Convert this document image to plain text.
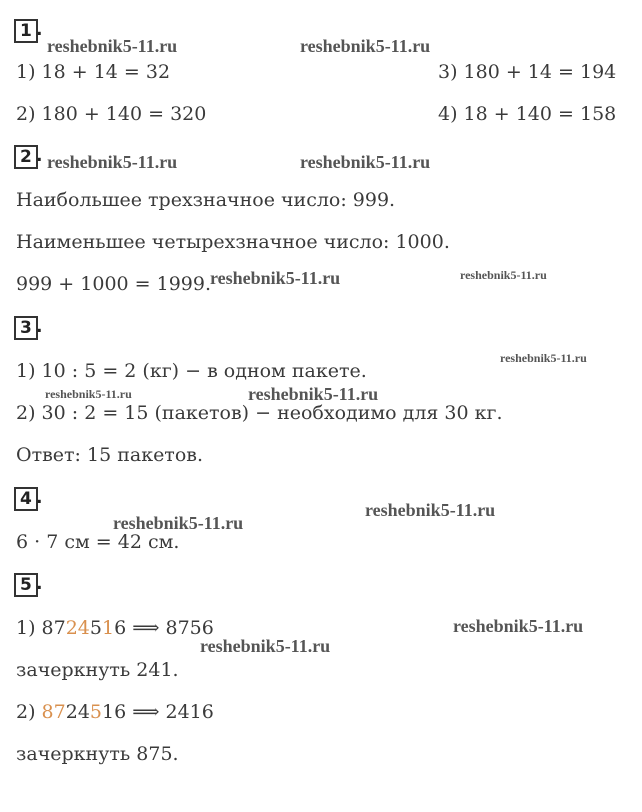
1 .
reshebnik5-11.ru	reshebnik5-11.ru
1) 18 + 14 = 32	3) 180 + 14 = 194
2) 180 + 140 = 320	4) 18 + 140 = 158
2 . reshebnik5-11.ru	reshebnik5-11.ru
Наибольшее трехзначное число: 999.
Наименьшее четырехзначное число: 1000.
999 + 1000 = 1999.
reshebnik5-11.ru	reshebnik5-11.ru
3 .
reshebnik5-11.ru
1) 10 : 5 = 2 (кг) − в одном пакете.
reshebnik5-11.ru	reshebnik5-11.ru
2) 30 : 2 = 15 (пакетов) − необходимо для 30 кг.
Ответ: 15 пакетов.
4 .
reshebnik5-11.ru
reshebnik5-11.ru
6 · 7 см = 42 см.
5 .
1) 8724516 ⟹ 8756	reshebnik5-11.ru
reshebnik5-11.ru
зачеркнуть 241.
2) 8724516 ⟹ 2416
зачеркнуть 875.
